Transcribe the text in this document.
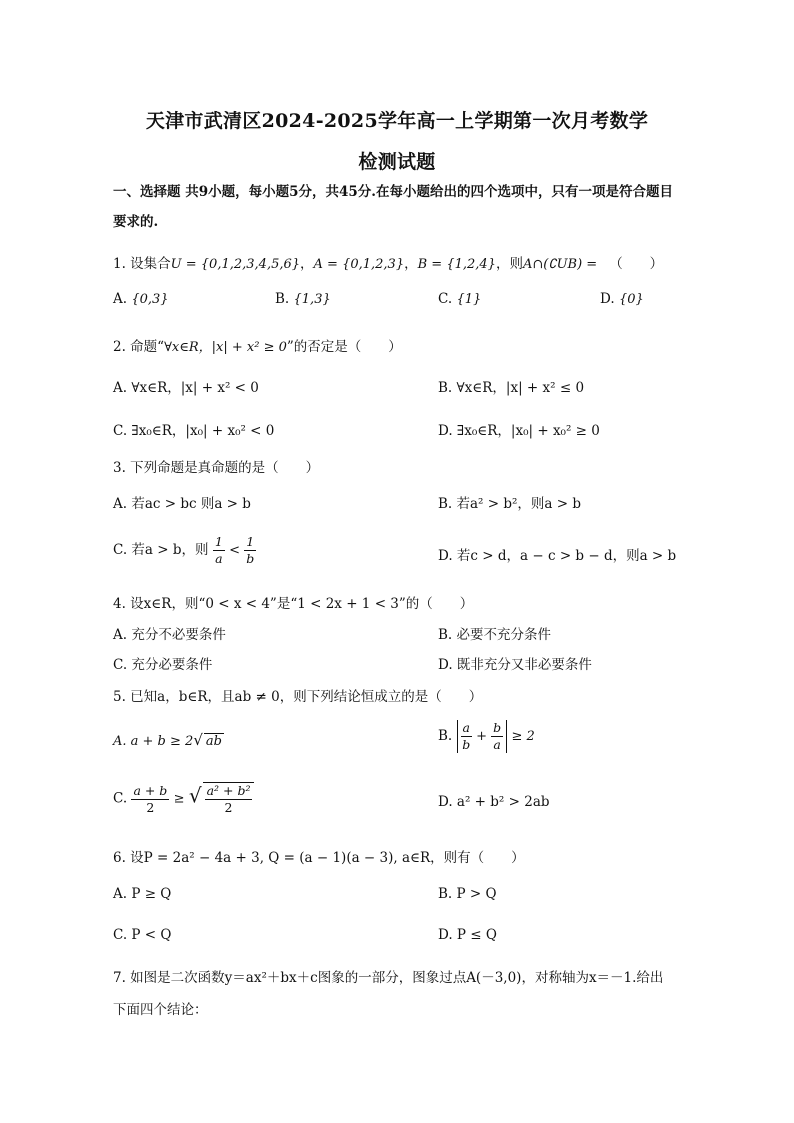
天津市武清区2024-2025学年高一上学期第一次月考数学
检测试题
一、选择题 共9小题，每小题5分，共45分.在每小题给出的四个选项中，只有一项是符合题目要求的.
1. 设集合U = {0,1,2,3,4,5,6}，A = {0,1,2,3}，B = {1,2,4}，则A∩(∁UB) = （　　）
A. {0,3}	B. {1,3}	C. {1}	D. {0}
2. 命题“∀x∈R，|x| + x² ≥ 0”的否定是（　　）
A. ∀x∈R，|x| + x² < 0	B. ∀x∈R，|x| + x² ≤ 0
C. ∃x₀∈R，|x₀| + x₀² < 0	D. ∃x₀∈R，|x₀| + x₀² ≥ 0
3. 下列命题是真命题的是（　　）
A. 若ac > bc 则a > b	B. 若a² > b²，则a > b
C. 若a > b，则 $\frac{1}{a} < \frac{1}{b}$	D. 若c > d，a − c > b − d，则a > b
4. 设x∈R，则“0 < x < 4”是“1 < 2x + 1 < 3”的（　　）
A. 充分不必要条件	B. 必要不充分条件
C. 充分必要条件	D. 既非充分又非必要条件
5. 已知a，b∈R，且ab ≠ 0，则下列结论恒成立的是（　　）
A. a + b ≥ 2√ ab	B. $\frac{a}{b} + \frac{b}{a} \ge 2$
C. $\frac{a + b}{2}$ ≥ √ $\frac{\text{a² + b²}}{2}$	D. a² + b² > 2ab
6. 设P = 2a² − 4a + 3, Q = (a − 1)(a − 3), a∈R，则有（　　）
A. P ≥ Q	B. P > Q
C. P < Q	D. P ≤ Q
7. 如图是二次函数y＝ax²＋bx＋c图象的一部分，图象过点A(－3,0)，对称轴为x＝－1.给出
下面四个结论：
